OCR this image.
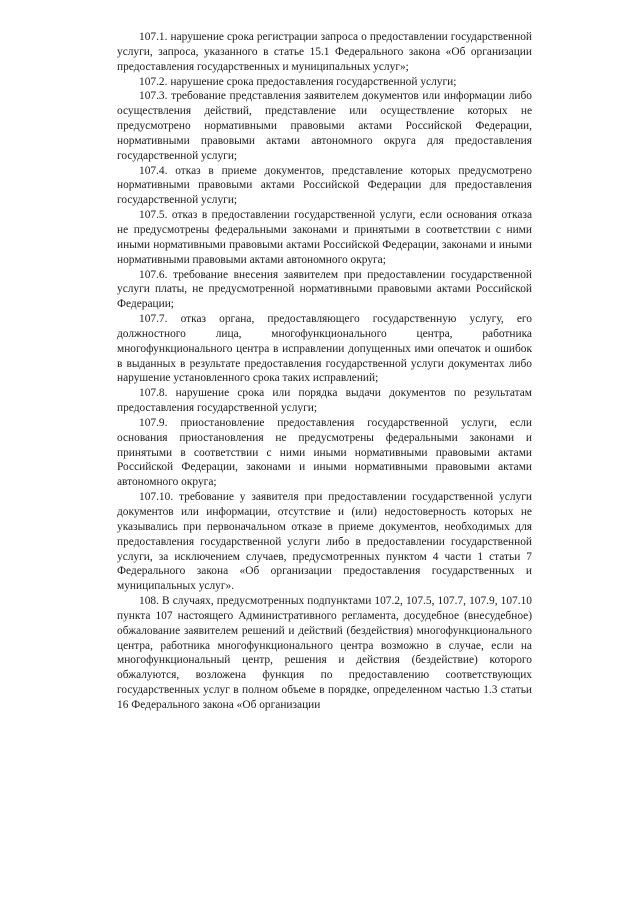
107.1. нарушение срока регистрации запроса о предоставлении государственной услуги, запроса, указанного в статье 15.1 Федерального закона «Об организации предоставления государственных и муниципальных услуг»;

107.2. нарушение срока предоставления государственной услуги;

107.3. требование представления заявителем документов или информации либо осуществления действий, представление или осуществление которых не предусмотрено нормативными правовыми актами Российской Федерации, нормативными правовыми актами автономного округа для предоставления государственной услуги;

107.4. отказ в приеме документов, представление которых предусмотрено нормативными правовыми актами Российской Федерации для предоставления государственной услуги;

107.5. отказ в предоставлении государственной услуги, если основания отказа не предусмотрены федеральными законами и принятыми в соответствии с ними иными нормативными правовыми актами Российской Федерации, законами и иными нормативными правовыми актами автономного округа;

107.6. требование внесения заявителем при предоставлении государственной услуги платы, не предусмотренной нормативными правовыми актами Российской Федерации;

107.7. отказ органа, предоставляющего государственную услугу, его должностного лица, многофункционального центра, работника многофункционального центра в исправлении допущенных ими опечаток и ошибок в выданных в результате предоставления государственной услуги документах либо нарушение установленного срока таких исправлений;

107.8. нарушение срока или порядка выдачи документов по результатам предоставления государственной услуги;

107.9. приостановление предоставления государственной услуги, если основания приостановления не предусмотрены федеральными законами и принятыми в соответствии с ними иными нормативными правовыми актами Российской Федерации, законами и иными нормативными правовыми актами автономного округа;

107.10. требование у заявителя при предоставлении государственной услуги документов или информации, отсутствие и (или) недостоверность которых не указывались при первоначальном отказе в приеме документов, необходимых для предоставления государственной услуги либо в предоставлении государственной услуги, за исключением случаев, предусмотренных пунктом 4 части 1 статьи 7 Федерального закона «Об организации предоставления государственных и муниципальных услуг».

108. В случаях, предусмотренных подпунктами 107.2, 107.5, 107.7, 107.9, 107.10 пункта 107 настоящего Административного регламента, досудебное (внесудебное) обжалование заявителем решений и действий (бездействия) многофункционального центра, работника многофункционального центра возможно в случае, если на многофункциональный центр, решения и действия (бездействие) которого обжалуются, возложена функция по предоставлению соответствующих государственных услуг в полном объеме в порядке, определенном частью 1.3 статьи 16 Федерального закона «Об организации
